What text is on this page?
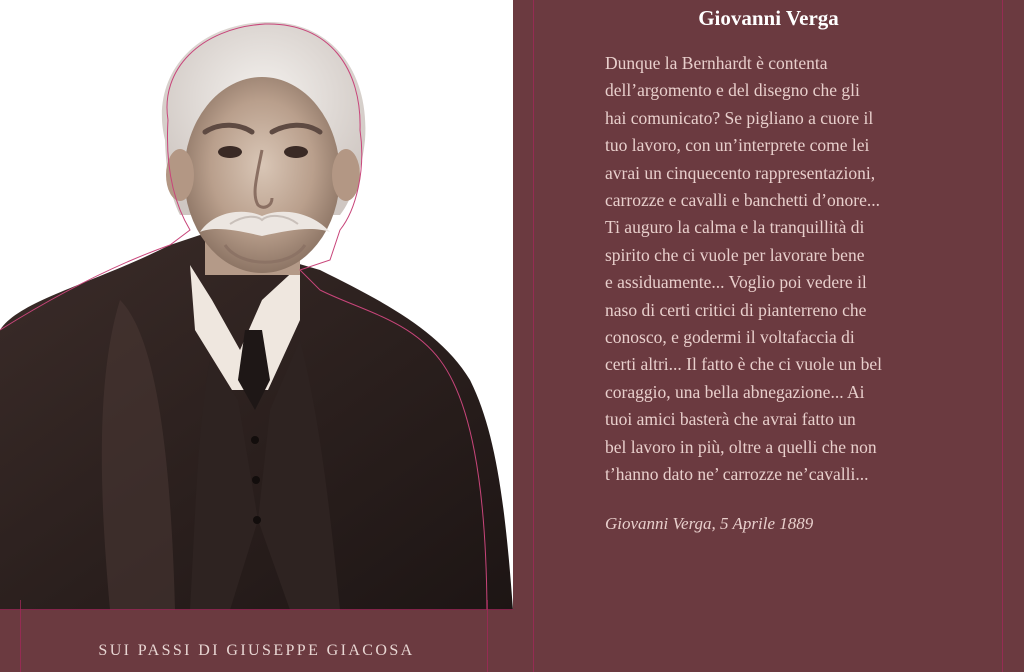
SUI PASSI DI GIUSEPPE GIACOSA
Giovanni Verga

Dunque la Bernhardt è contenta
dell’argomento e del disegno che gli
hai comunicato? Se pigliano a cuore il
tuo lavoro, con un’interprete come lei
avrai un cinquecento rappresentazioni,
carrozze e cavalli e banchetti d’onore...
Ti auguro la calma e la tranquillità di
spirito che ci vuole per lavorare bene
e assiduamente... Voglio poi vedere il
naso di certi critici di pianterreno che
conosco, e godermi il voltafaccia di
certi altri... Il fatto è che ci vuole un bel
coraggio, una bella abnegazione... Ai
tuoi amici basterà che avrai fatto un
bel lavoro in più, oltre a quelli che non
t’hanno dato ne’ carrozze ne’cavalli...

Giovanni Verga, 5 Aprile 1889
